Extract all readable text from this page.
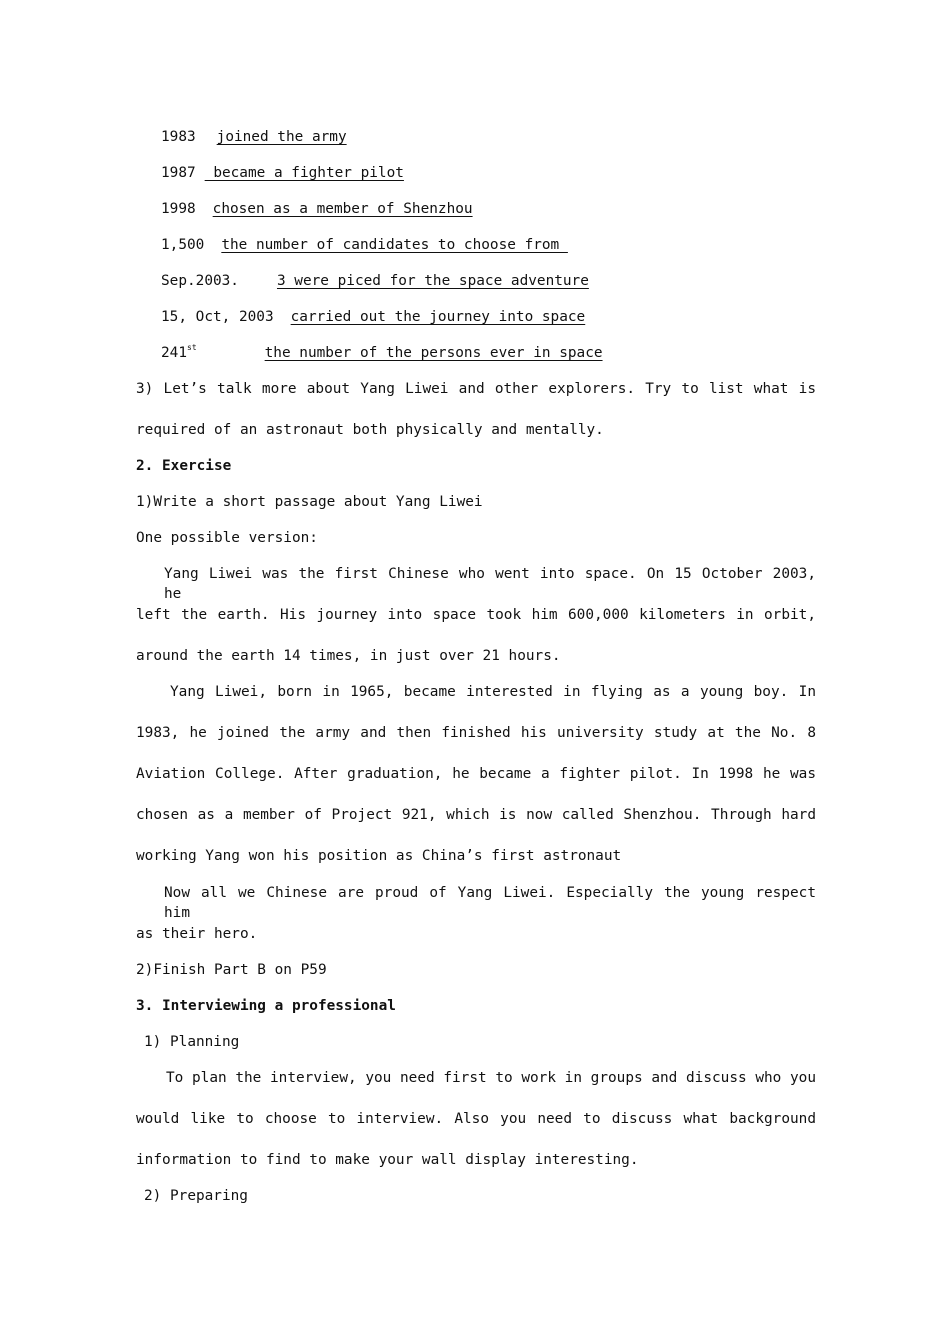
1983 joined the army
1987 became a fighter pilot
1998 chosen as a member of Shenzhou
1,500 the number of candidates to choose from
Sep.2003.	3 were piced for the space adventure
15, Oct, 2003 carried out the journey into space
241st	the number of the persons ever in space
3) Let’s talk more about Yang Liwei and other explorers. Try to list what is
required of an astronaut both physically and mentally.
2. Exercise
1)Write a short passage about Yang Liwei
One possible version:
Yang Liwei was the first Chinese who went into space. On 15 October 2003, he
left the earth. His journey into space took him 600,000 kilometers in orbit,
around the earth 14 times, in just over 21 hours.
Yang Liwei, born in 1965, became interested in flying as a young boy. In
1983, he joined the army and then finished his university study at the No. 8
Aviation College. After graduation, he became a fighter pilot. In 1998 he was
chosen as a member of Project 921, which is now called Shenzhou. Through hard
working Yang won his position as China’s first astronaut
Now all we Chinese are proud of Yang Liwei. Especially the young respect him
as their hero.
2)Finish Part B on P59
3. Interviewing a professional
1) Planning
To plan the interview, you need first to work in groups and discuss who you
would like to choose to interview. Also you need to discuss what background
information to find to make your wall display interesting.
2) Preparing
